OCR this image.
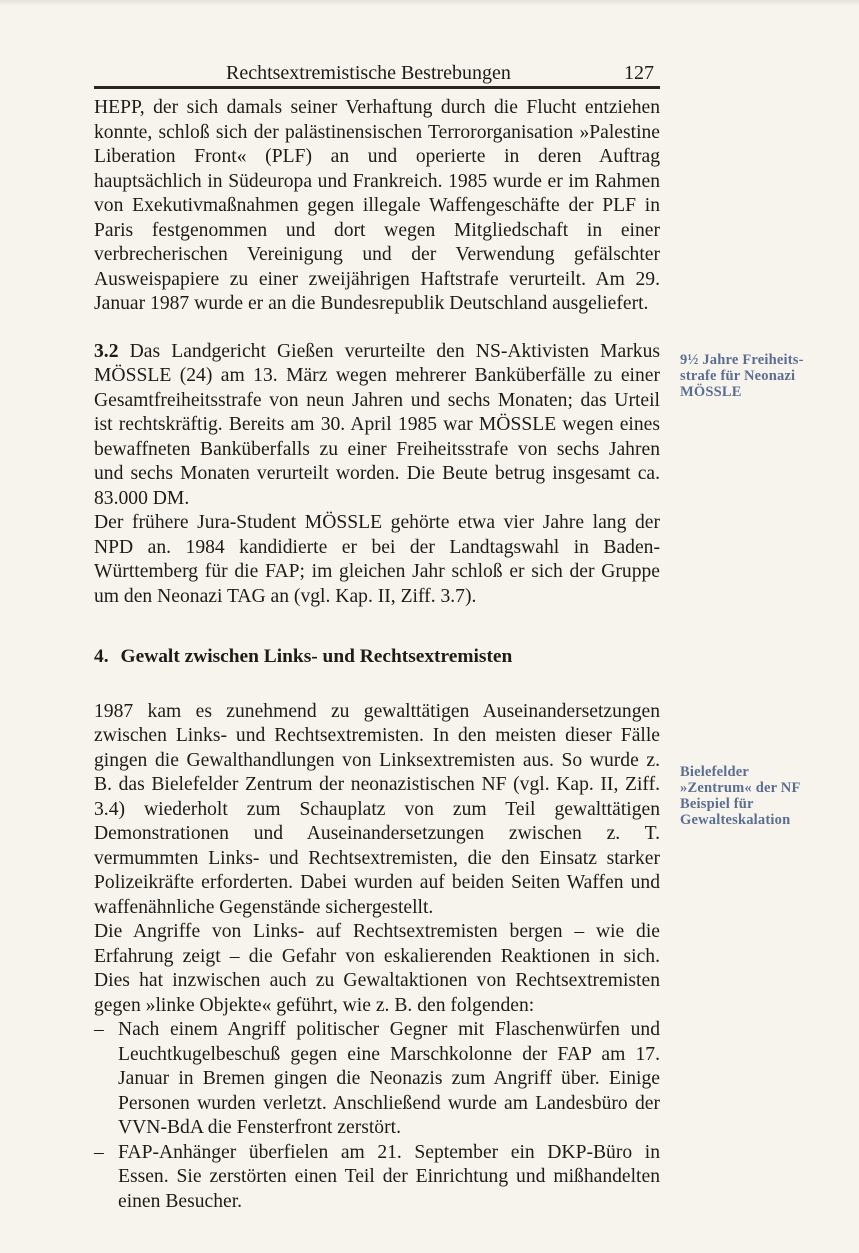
Rechtsextremistische Bestrebungen	127

HEPP, der sich damals seiner Verhaftung durch die Flucht entziehen konnte, schloß sich der palästinensischen Terrororganisation »Palestine Liberation Front« (PLF) an und operierte in deren Auftrag hauptsächlich in Südeuropa und Frankreich. 1985 wurde er im Rahmen von Exekutivmaßnahmen gegen illegale Waffengeschäfte der PLF in Paris festgenommen und dort wegen Mitgliedschaft in einer verbrecherischen Vereinigung und der Verwendung gefälschter Ausweispapiere zu einer zweijährigen Haftstrafe verurteilt. Am 29. Januar 1987 wurde er an die Bundesrepublik Deutschland ausgeliefert.

3.2 Das Landgericht Gießen verurteilte den NS-Aktivisten Markus MÖSSLE (24) am 13. März wegen mehrerer Banküberfälle zu einer Gesamtfreiheitsstrafe von neun Jahren und sechs Monaten; das Urteil ist rechtskräftig. Bereits am 30. April 1985 war MÖSSLE wegen eines bewaffneten Banküberfalls zu einer Freiheitsstrafe von sechs Jahren und sechs Monaten verurteilt worden. Die Beute betrug insgesamt ca. 83.000 DM.

Der frühere Jura-Student MÖSSLE gehörte etwa vier Jahre lang der NPD an. 1984 kandidierte er bei der Landtagswahl in Baden-Württemberg für die FAP; im gleichen Jahr schloß er sich der Gruppe um den Neonazi TAG an (vgl. Kap. II, Ziff. 3.7).

4. Gewalt zwischen Links- und Rechtsextremisten

1987 kam es zunehmend zu gewalttätigen Auseinandersetzungen zwischen Links- und Rechtsextremisten. In den meisten dieser Fälle gingen die Gewalthandlungen von Linksextremisten aus. So wurde z. B. das Bielefelder Zentrum der neonazistischen NF (vgl. Kap. II, Ziff. 3.4) wiederholt zum Schauplatz von zum Teil gewalttätigen Demonstrationen und Auseinandersetzungen zwischen z. T. vermummten Links- und Rechtsextremisten, die den Einsatz starker Polizeikräfte erforderten. Dabei wurden auf beiden Seiten Waffen und waffenähnliche Gegenstände sichergestellt.

Die Angriffe von Links- auf Rechtsextremisten bergen – wie die Erfahrung zeigt – die Gefahr von eskalierenden Reaktionen in sich. Dies hat inzwischen auch zu Gewaltaktionen von Rechtsextremisten gegen »linke Objekte« geführt, wie z. B. den folgenden:

– Nach einem Angriff politischer Gegner mit Flaschenwürfen und Leuchtkugelbeschuß gegen eine Marschkolonne der FAP am 17. Januar in Bremen gingen die Neonazis zum Angriff über. Einige Personen wurden verletzt. Anschließend wurde am Landesbüro der VVN-BdA die Fensterfront zerstört.
– FAP-Anhänger überfielen am 21. September ein DKP-Büro in Essen. Sie zerstörten einen Teil der Einrichtung und mißhandelten einen Besucher.
9½ Jahre Freiheits-
strafe für Neonazi
MÖSSLE
Bielefelder
»Zentrum« der NF
Beispiel für
Gewalteskalation
